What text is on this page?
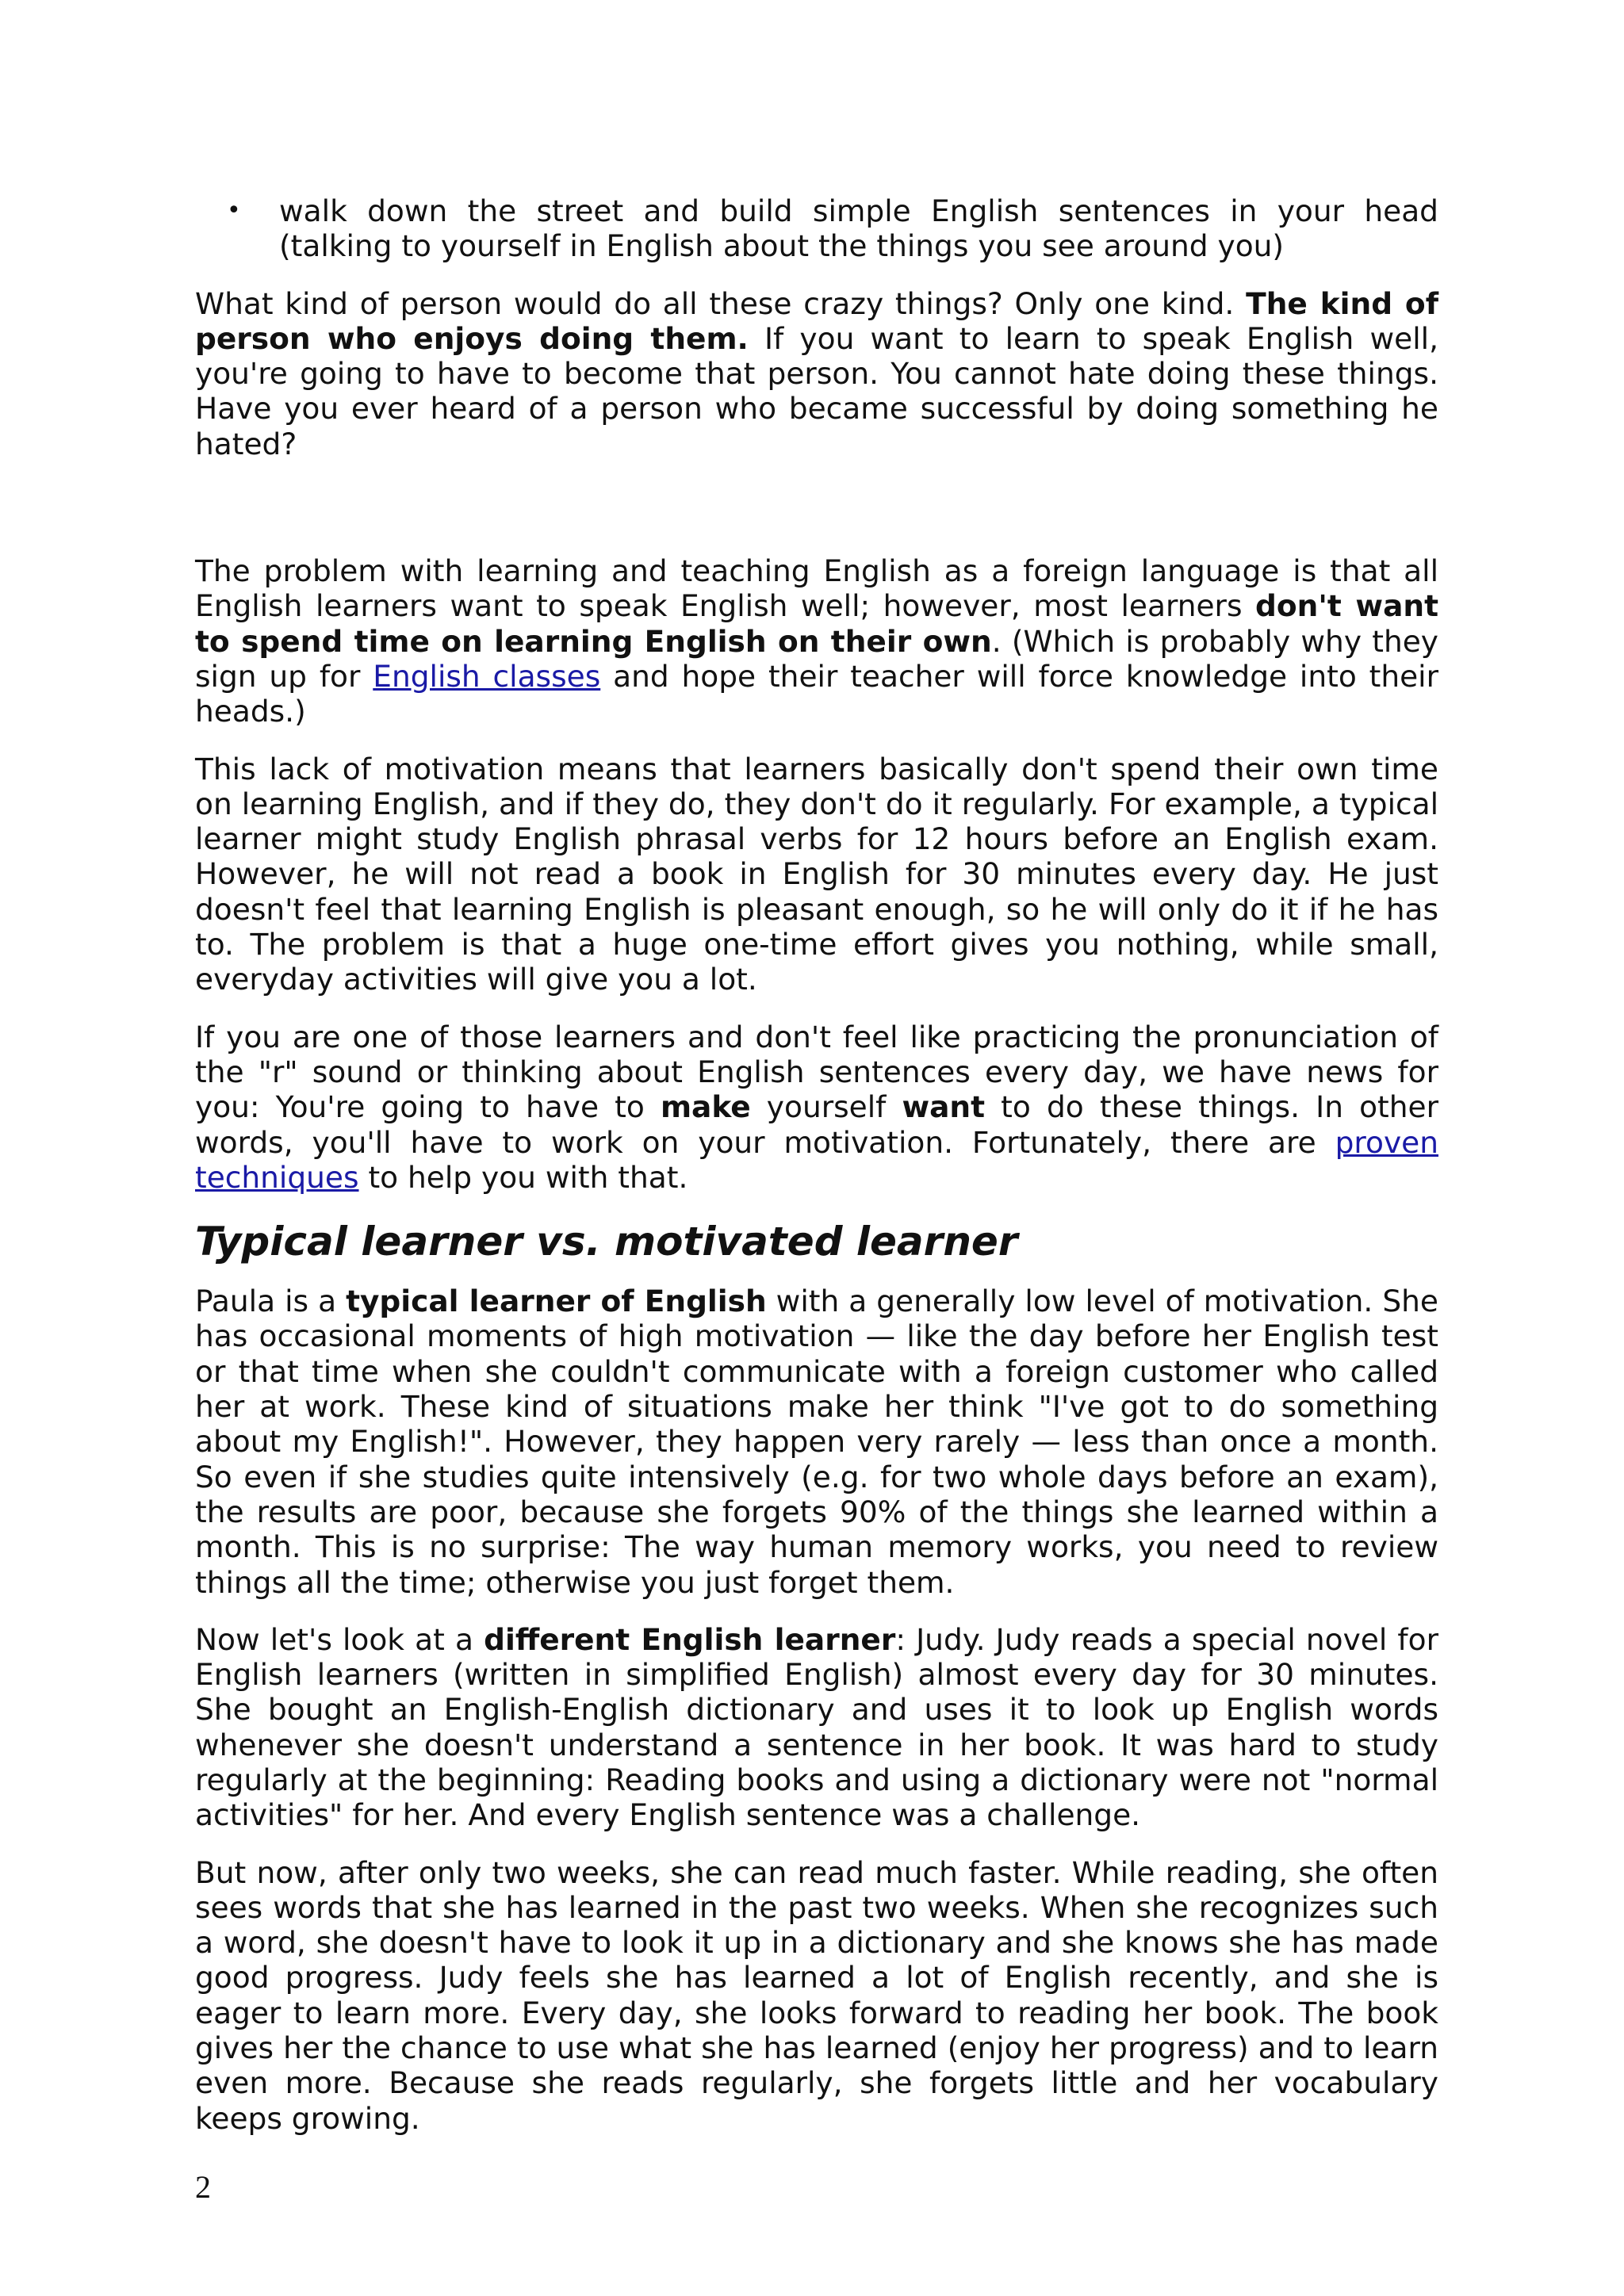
•	walk down the street and build simple English sentences in your head (talking to yourself in English about the things you see around you)

What kind of person would do all these crazy things? Only one kind. The kind of person who enjoys doing them. If you want to learn to speak English well, you're going to have to become that person. You cannot hate doing these things. Have you ever heard of a person who became successful by doing something he hated?

The problem with learning and teaching English as a foreign language is that all English learners want to speak English well; however, most learners don't want to spend time on learning English on their own. (Which is probably why they sign up for English classes and hope their teacher will force knowledge into their heads.)

This lack of motivation means that learners basically don't spend their own time on learning English, and if they do, they don't do it regularly. For example, a typical learner might study English phrasal verbs for 12 hours before an English exam. However, he will not read a book in English for 30 minutes every day. He just doesn't feel that learning English is pleasant enough, so he will only do it if he has to. The problem is that a huge one-time effort gives you nothing, while small, everyday activities will give you a lot.

If you are one of those learners and don't feel like practicing the pronunciation of the "r" sound or thinking about English sentences every day, we have news for you: You're going to have to make yourself want to do these things. In other words, you'll have to work on your motivation. Fortunately, there are proven techniques to help you with that.

Typical learner vs. motivated learner

Paula is a typical learner of English with a generally low level of motivation. She has occasional moments of high motivation — like the day before her English test or that time when she couldn't communicate with a foreign customer who called her at work. These kind of situations make her think "I've got to do something about my English!". However, they happen very rarely — less than once a month. So even if she studies quite intensively (e.g. for two whole days before an exam), the results are poor, because she forgets 90% of the things she learned within a month. This is no surprise: The way human memory works, you need to review things all the time; otherwise you just forget them.

Now let's look at a different English learner: Judy. Judy reads a special novel for English learners (written in simplified English) almost every day for 30 minutes. She bought an English-English dictionary and uses it to look up English words whenever she doesn't understand a sentence in her book. It was hard to study regularly at the beginning: Reading books and using a dictionary were not "normal activities" for her. And every English sentence was a challenge.

But now, after only two weeks, she can read much faster. While reading, she often sees words that she has learned in the past two weeks. When she recognizes such a word, she doesn't have to look it up in a dictionary and she knows she has made good progress. Judy feels she has learned a lot of English recently, and she is eager to learn more. Every day, she looks forward to reading her book. The book gives her the chance to use what she has learned (enjoy her progress) and to learn even more. Because she reads regularly, she forgets little and her vocabulary keeps growing.

2
